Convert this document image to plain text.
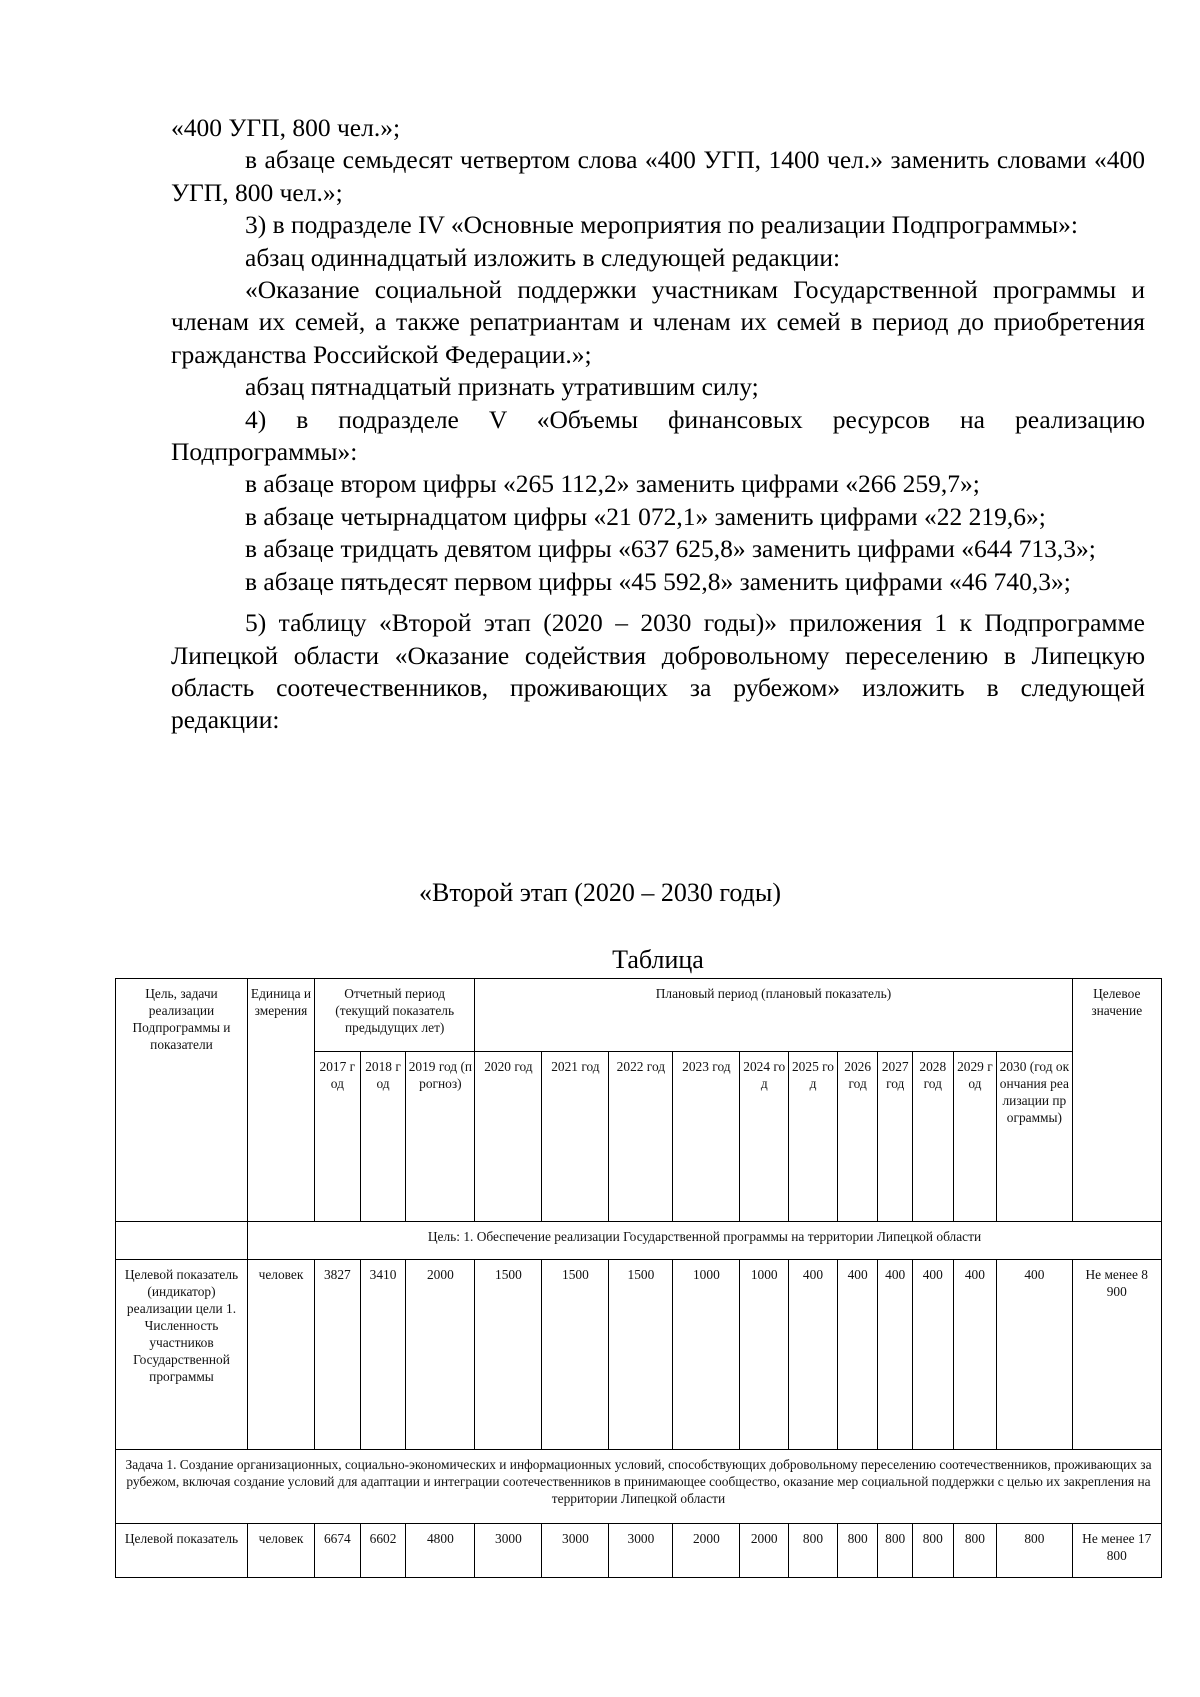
«400 УГП, 800 чел.»;

в абзаце семьдесят четвертом слова «400 УГП, 1400 чел.» заменить словами «400 УГП, 800 чел.»;

3) в подразделе IV «Основные мероприятия по реализации Подпрограммы»:

абзац одиннадцатый изложить в следующей редакции:

«Оказание социальной поддержки участникам Государственной программы и членам их семей, а также репатриантам и членам их семей в период до приобретения гражданства Российской Федерации.»;

абзац пятнадцатый признать утратившим силу;

4) в подразделе V «Объемы финансовых ресурсов на реализацию Подпрограммы»:

в абзаце втором цифры «265 112,2» заменить цифрами «266 259,7»;

в абзаце четырнадцатом цифры «21 072,1» заменить цифрами «22 219,6»;

в абзаце тридцать девятом цифры «637 625,8» заменить цифрами «644 713,3»;

в абзаце пятьдесят первом цифры «45 592,8» заменить цифрами «46 740,3»;

5) таблицу «Второй этап (2020 – 2030 годы)» приложения 1 к Подпрограмме Липецкой области «Оказание содействия добровольному переселению в Липецкую область соотечественников, проживающих за рубежом» изложить в следующей редакции:

«Второй этап (2020 – 2030 годы)
Таблица
Цель, задачи реализации Подпрограммы и показатели	Единица измерения	Отчетный период (текущий показатель предыдущих лет)			Плановый период (плановый показатель)											Целевое значение
		2017 год	2018 год	2019 год (прогноз)	2020 год	2021 год	2022 год	2023 год	2024 год	2025 год	2026 год	2027 год	2028 год	2029 год	2030 (год окончания реализации программы)	
	Цель: 1. Обеспечение реализации Государственной программы на территории Липецкой области															
Целевой показатель (индикатор) реализации цели 1. Численность участников Государственной программы	человек	3827	3410	2000	1500	1500	1500	1000	1000	400	400	400	400	400	400	Не менее 8 900
Задача 1. Создание организационных, социально-экономических и информационных условий, способствующих добровольному переселению соотечественников, проживающих за рубежом, включая создание условий для адаптации и интеграции соотечественников в принимающее сообщество, оказание мер социальной поддержки с целью их закрепления на территории Липецкой области																
Целевой показатель	человек	6674	6602	4800	3000	3000	3000	2000	2000	800	800	800	800	800	800	Не менее 17 800
